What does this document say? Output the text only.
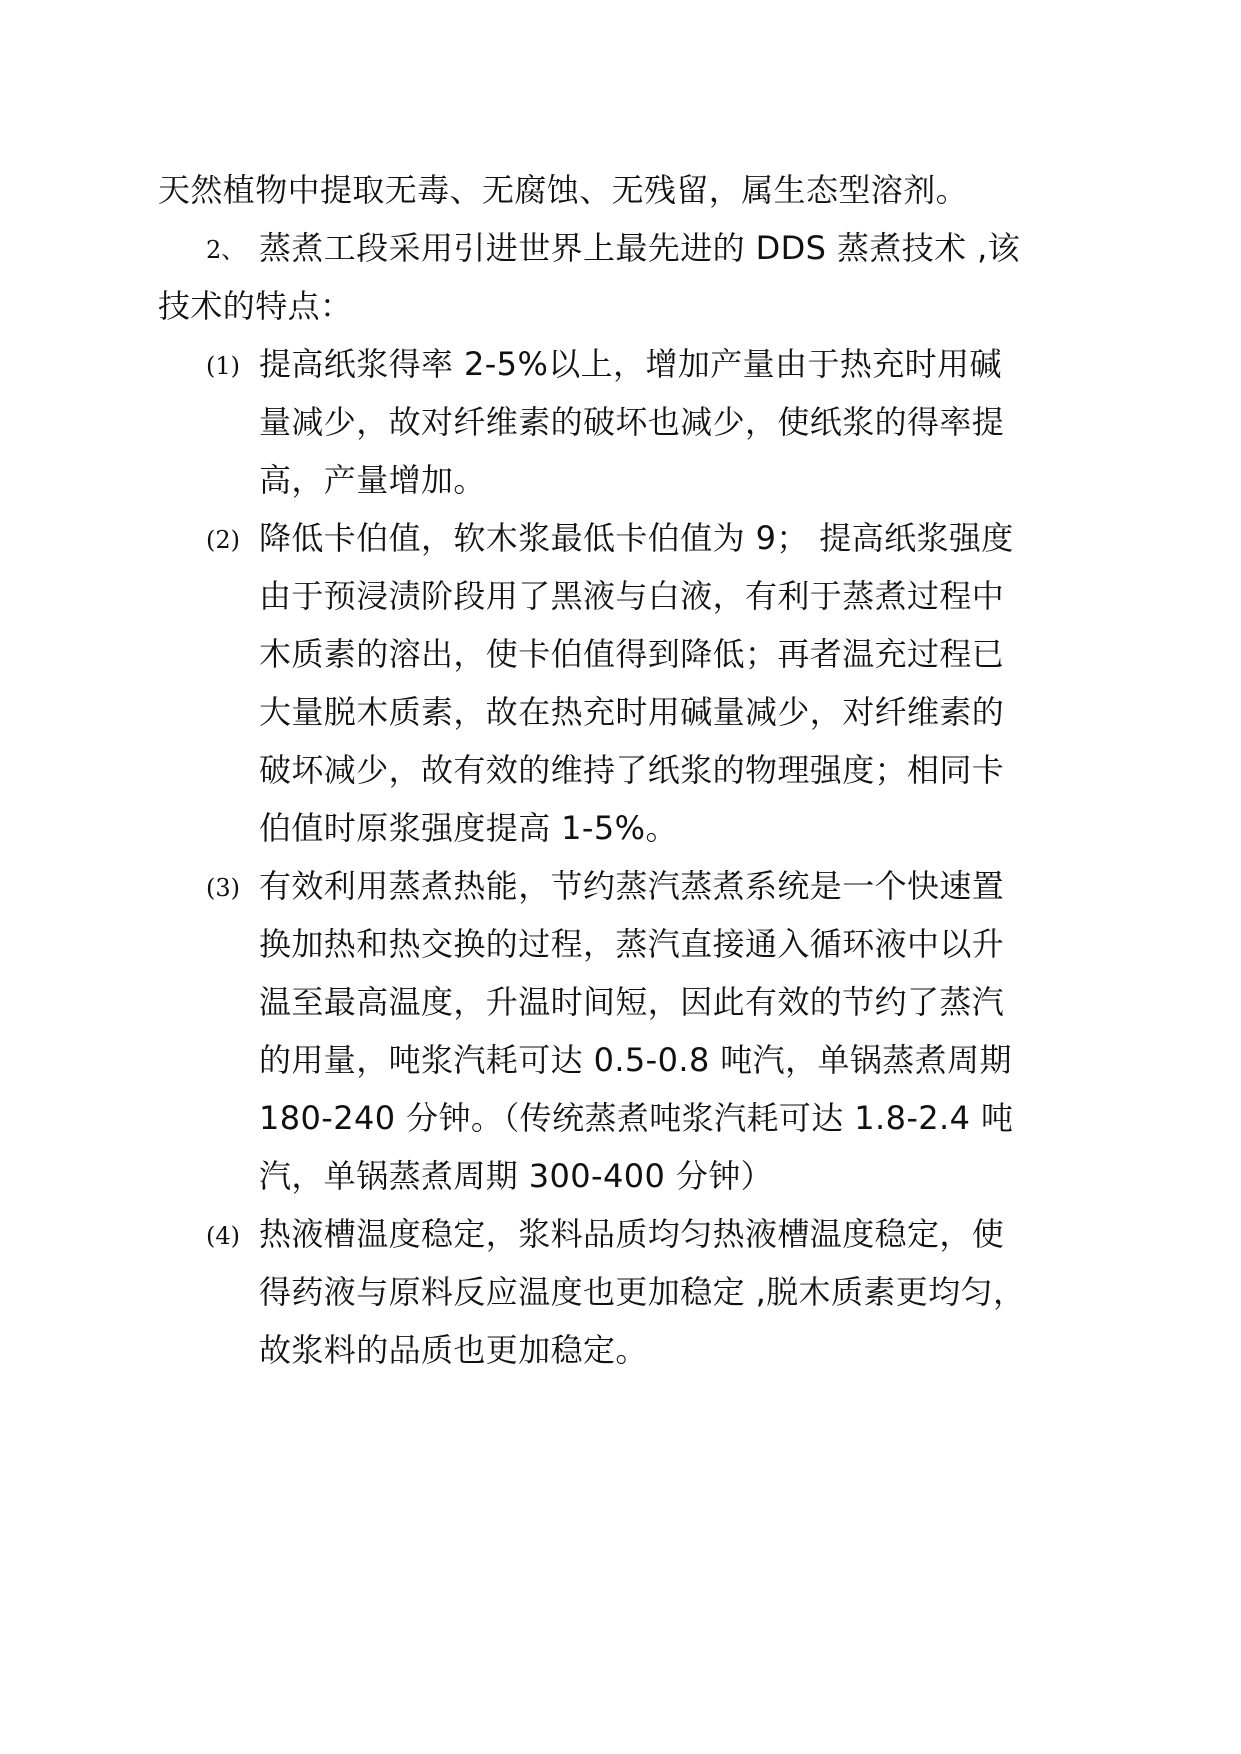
天然植物中提取无毒、无腐蚀、无残留，属生态型溶剂。
2、 蒸煮工段采用引进世界上最先进的 DDS 蒸煮技术 ,该
技术的特点：
(1) 提高纸浆得率 2-5%以上，增加产量由于热充时用碱
量减少，故对纤维素的破坏也减少，使纸浆的得率提
高，产量增加。
(2) 降低卡伯值，软木浆最低卡伯值为 9； 提高纸浆强度
由于预浸渍阶段用了黑液与白液，有利于蒸煮过程中
木质素的溶出，使卡伯值得到降低；再者温充过程已
大量脱木质素，故在热充时用碱量减少，对纤维素的
破坏减少，故有效的维持了纸浆的物理强度；相同卡
伯值时原浆强度提高 1-5%。
(3) 有效利用蒸煮热能，节约蒸汽蒸煮系统是一个快速置
换加热和热交换的过程，蒸汽直接通入循环液中以升
温至最高温度，升温时间短，因此有效的节约了蒸汽
的用量，吨浆汽耗可达 0.5-0.8 吨汽，单锅蒸煮周期
180-240 分钟。（传统蒸煮吨浆汽耗可达 1.8-2.4 吨
汽，单锅蒸煮周期 300-400 分钟）
(4) 热液槽温度稳定，浆料品质均匀热液槽温度稳定，使
得药液与原料反应温度也更加稳定 ,脱木质素更均匀，
故浆料的品质也更加稳定。
